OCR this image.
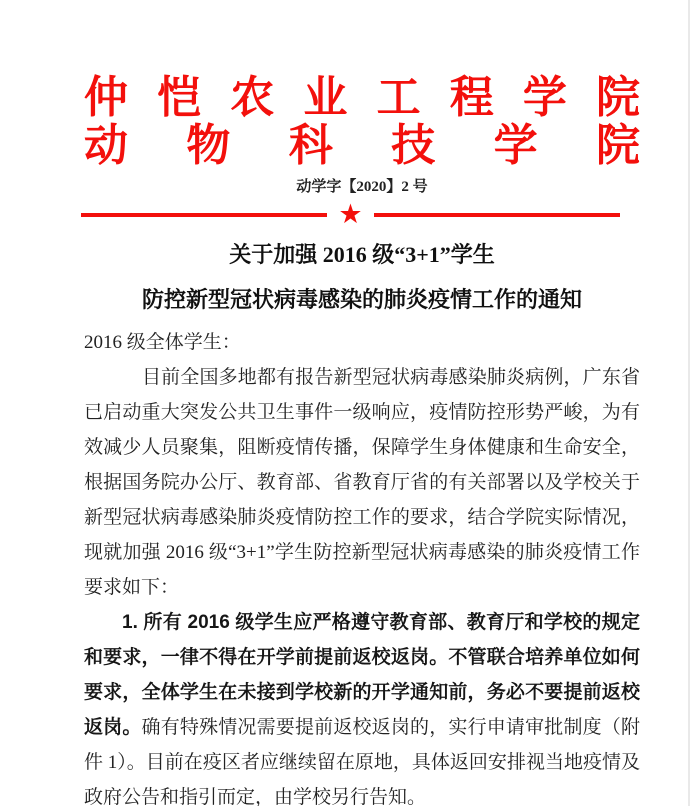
仲恺农业工程学院
动物科技学院
动学字【2020】2 号
★
关于加强 2016 级“3+1”学生
防控新型冠状病毒感染的肺炎疫情工作的通知

2016 级全体学生：

目前全国多地都有报告新型冠状病毒感染肺炎病例，广东省已启动重大突发公共卫生事件一级响应，疫情防控形势严峻，为有效减少人员聚集，阻断疫情传播，保障学生身体健康和生命安全，根据国务院办公厅、教育部、省教育厅省的有关部署以及学校关于新型冠状病毒感染肺炎疫情防控工作的要求，结合学院实际情况，现就加强 2016 级“3+1”学生防控新型冠状病毒感染的肺炎疫情工作要求如下：

1. 所有 2016 级学生应严格遵守教育部、教育厅和学校的规定和要求，一律不得在开学前提前返校返岗。不管联合培养单位如何要求，全体学生在未接到学校新的开学通知前，务必不要提前返校返岗。确有特殊情况需要提前返校返岗的，实行申请审批制度（附件 1）。目前在疫区者应继续留在原地，具体返回安排视当地疫情及政府公告和指引而定，由学校另行告知。
